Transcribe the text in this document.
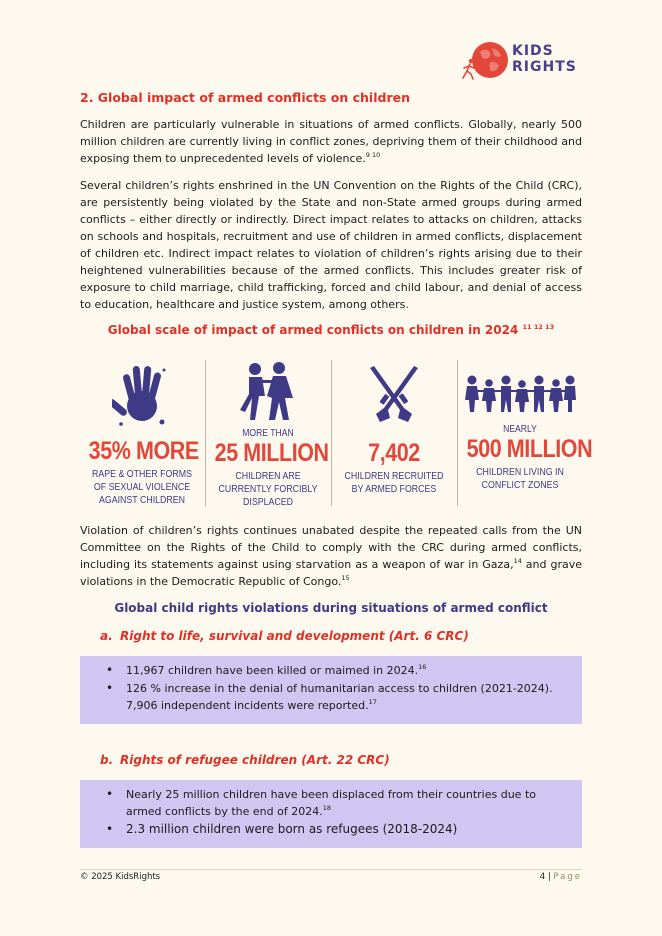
KIDS
RIGHTS
2. Global impact of armed conflicts on children

Children are particularly vulnerable in situations of armed conflicts. Globally, nearly 500 million children are currently living in conflict zones, depriving them of their childhood and exposing them to unprecedented levels of violence.$^{9 10}$

Several children’s rights enshrined in the UN Convention on the Rights of the Child (CRC), are persistently being violated by the State and non-State armed groups during armed conflicts – either directly or indirectly. Direct impact relates to attacks on children, attacks on schools and hospitals, recruitment and use of children in armed conflicts, displacement of children etc. Indirect impact relates to violation of children’s rights arising due to their heightened vulnerabilities because of the armed conflicts. This includes greater risk of exposure to child marriage, child trafficking, forced and child labour, and denial of access to education, healthcare and justice system, among others.

Global scale of impact of armed conflicts on children in 2024 $^{11 12 13}$
35% MORE
RAPE & OTHER FORMS OF SEXUAL VIOLENCE AGAINST CHILDREN
MORE THAN
25 MILLION
CHILDREN ARE CURRENTLY FORCIBLY DISPLACED
7,402
CHILDREN RECRUITED BY ARMED FORCES
NEARLY
500 MILLION
CHILDREN LIVING IN CONFLICT ZONES

Violation of children’s rights continues unabated despite the repeated calls from the UN Committee on the Rights of the Child to comply with the CRC during armed conflicts, including its statements against using starvation as a weapon of war in Gaza,$^{14}$ and grave violations in the Democratic Republic of Congo.$^{15}$

Global child rights violations during situations of armed conflict
a. Right to life, survival and development (Art. 6 CRC)
• 11,967 children have been killed or maimed in 2024.16
• 126 % increase in the denial of humanitarian access to children (2021-2024). 7,906 independent incidents were reported.$^{17}$
b. Rights of refugee children (Art. 22 CRC)
• Nearly 25 million children have been displaced from their countries due to armed conflicts by the end of 2024.18
• 2.3 million children were born as refugees (2018-2024)
© 2025 KidsRights	4 | Page
